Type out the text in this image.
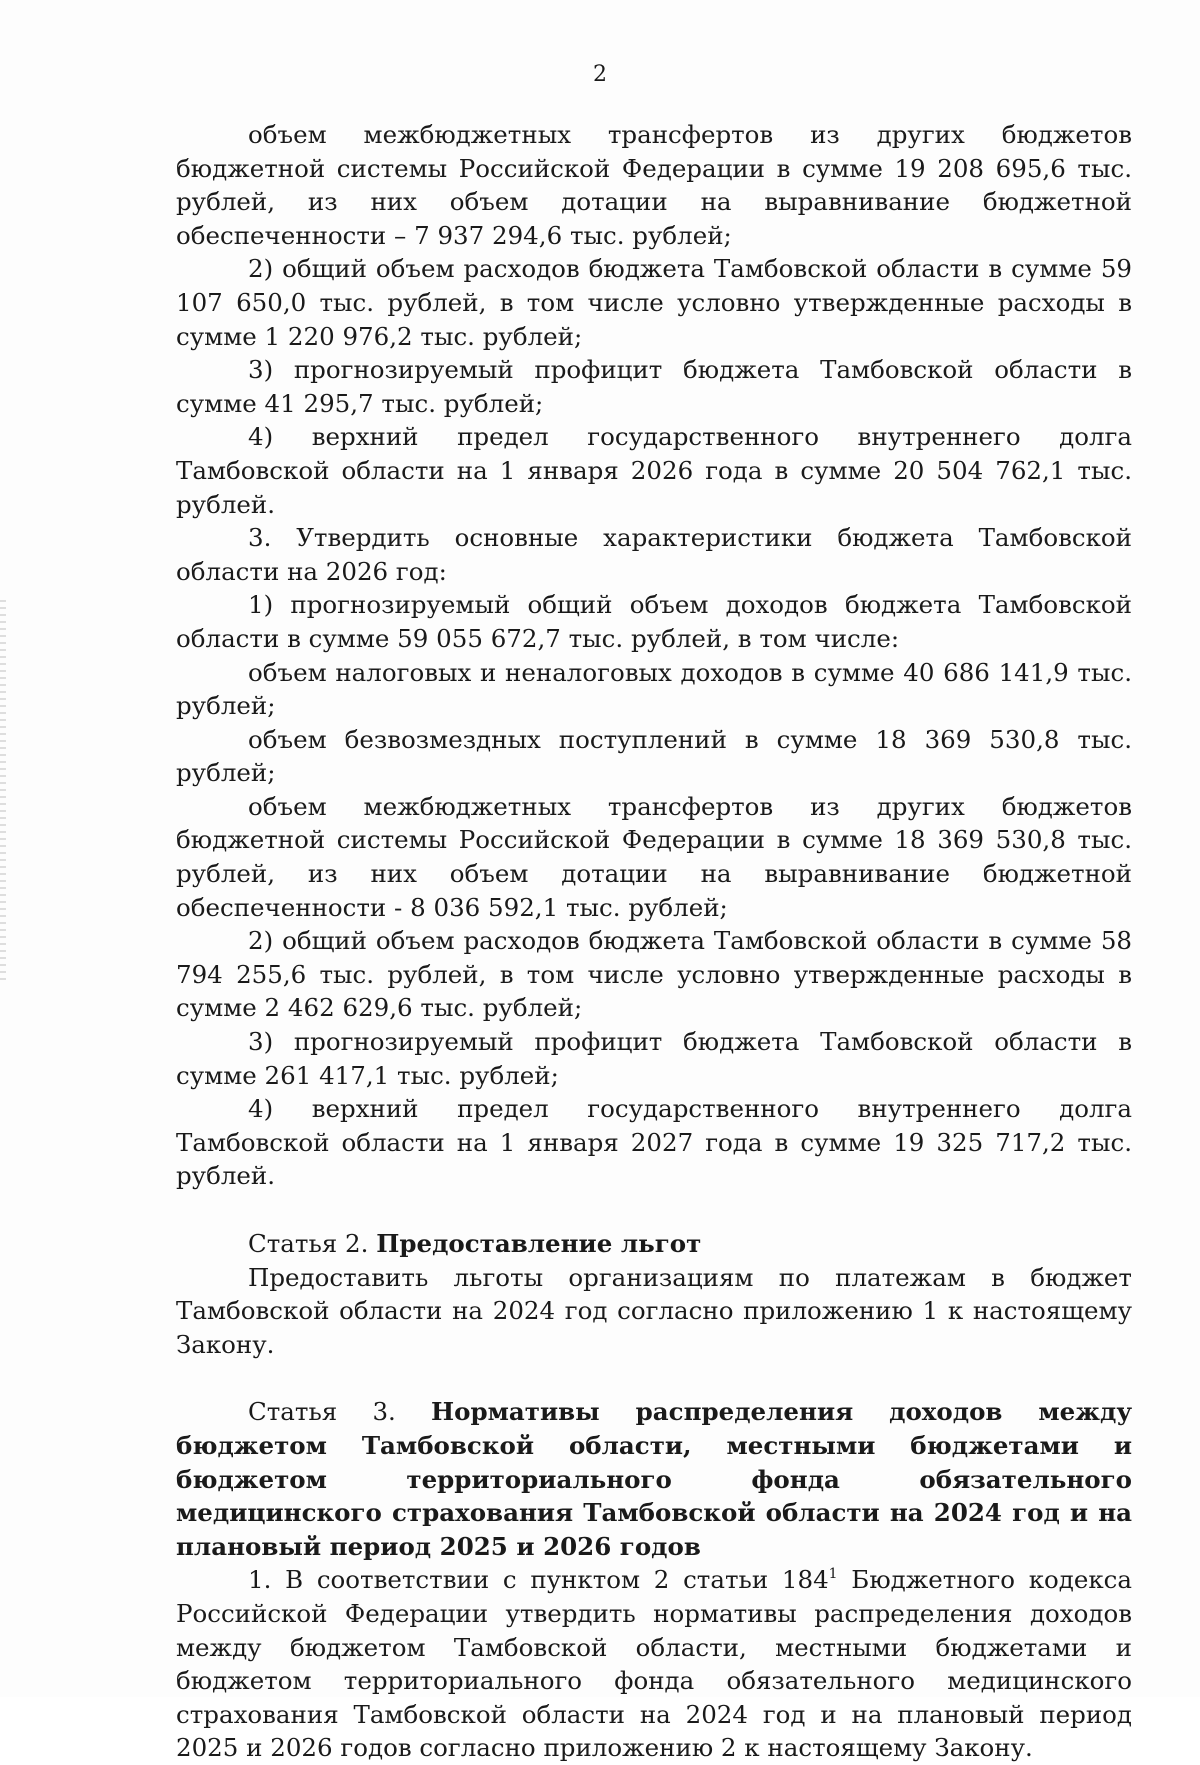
2

объем межбюджетных трансфертов из других бюджетов бюджетной системы Российской Федерации в сумме 19 208 695,6 тыс. рублей, из них объем дотации на выравнивание бюджетной обеспеченности – 7 937 294,6 тыс. рублей;

2) общий объем расходов бюджета Тамбовской области в сумме 59 107 650,0 тыс. рублей, в том числе условно утвержденные расходы в сумме 1 220 976,2 тыс. рублей;

3) прогнозируемый профицит бюджета Тамбовской области в сумме 41 295,7 тыс. рублей;

4) верхний предел государственного внутреннего долга Тамбовской области на 1 января 2026 года в сумме 20 504 762,1 тыс. рублей.

3. Утвердить основные характеристики бюджета Тамбовской области на 2026 год:

1) прогнозируемый общий объем доходов бюджета Тамбовской области в сумме 59 055 672,7 тыс. рублей, в том числе:

объем налоговых и неналоговых доходов в сумме 40 686 141,9 тыс. рублей;

объем безвозмездных поступлений в сумме 18 369 530,8 тыс. рублей;

объем межбюджетных трансфертов из других бюджетов бюджетной системы Российской Федерации в сумме 18 369 530,8 тыс. рублей, из них объем дотации на выравнивание бюджетной обеспеченности - 8 036 592,1 тыс. рублей;

2) общий объем расходов бюджета Тамбовской области в сумме 58 794 255,6 тыс. рублей, в том числе условно утвержденные расходы в сумме 2 462 629,6 тыс. рублей;

3) прогнозируемый профицит бюджета Тамбовской области в сумме 261 417,1 тыс. рублей;

4) верхний предел государственного внутреннего долга Тамбовской области на 1 января 2027 года в сумме 19 325 717,2 тыс. рублей.

Статья 2. Предоставление льгот

Предоставить льготы организациям по платежам в бюджет Тамбовской области на 2024 год согласно приложению 1 к настоящему Закону.

Статья 3. Нормативы распределения доходов между бюджетом Тамбовской области, местными бюджетами и бюджетом территориального фонда обязательного медицинского страхования Тамбовской области на 2024 год и на плановый период 2025 и 2026 годов

1. В соответствии с пунктом 2 статьи $184^1$ Бюджетного кодекса Российской Федерации утвердить нормативы распределения доходов между бюджетом Тамбовской области, местными бюджетами и бюджетом территориального фонда обязательного медицинского страхования Тамбовской области на 2024 год и на плановый период 2025 и 2026 годов согласно приложению 2 к настоящему Закону.
